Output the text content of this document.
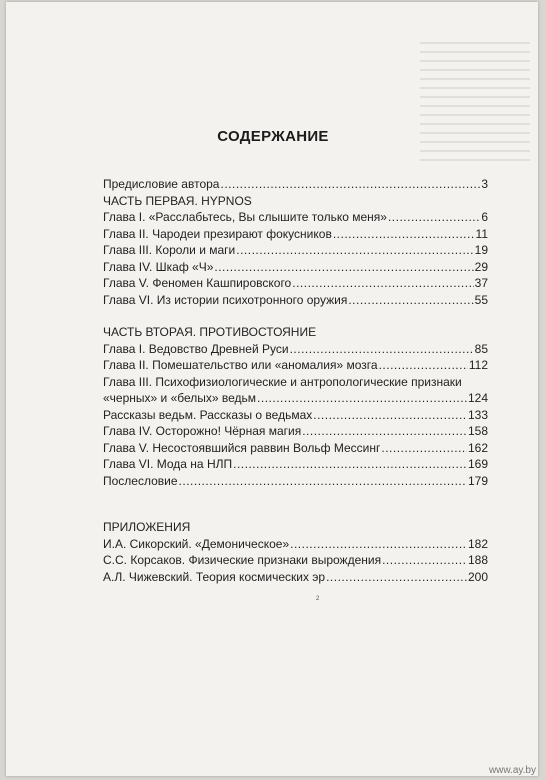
СОДЕРЖАНИЕ
Предисловие автора .....	3
ЧАСТЬ ПЕРВАЯ. HYPNOS
Глава I. «Расслабьтесь, Вы слышите только меня» .....	6
Глава II. Чародеи презирают фокусников .....	11
Глава III. Короли и маги .....	19
Глава IV. Шкаф «Ч» .....	29
Глава V. Феномен Кашпировского .....	37
Глава VI. Из истории психотронного оружия .....	55
ЧАСТЬ ВТОРАЯ. ПРОТИВОСТОЯНИЕ
Глава I. Ведовство Древней Руси .....	85
Глава II. Помешательство или «аномалия» мозга .....	112
Глава III. Психофизиологические и антропологические признаки
«черных» и «белых» ведьм .....	124
Рассказы ведьм. Рассказы о ведьмах .....	133
Глава IV. Осторожно! Чёрная магия .....	158
Глава V. Несостоявшийся раввин Вольф Мессинг .....	162
Глава VI. Мода на НЛП .....	169
Послесловие .....	179
ПРИЛОЖЕНИЯ
И.А. Сикорский. «Демоническое» .....	182
С.С. Корсаков. Физические признаки вырождения .....	188
А.Л. Чижевский. Теория космических эр .....	200
2
www.ay.by
